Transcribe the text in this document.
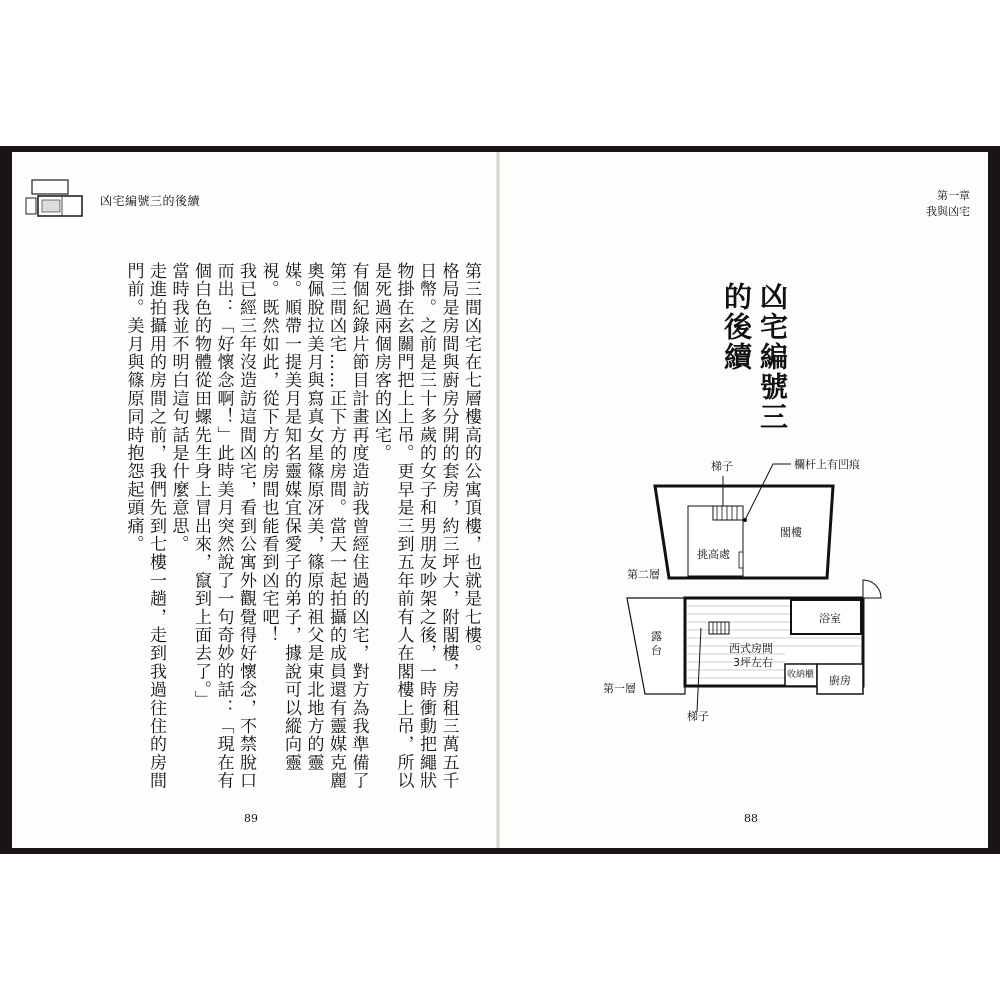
凶宅編號三的後續	第一章
我與凶宅

第三間凶宅在七層樓高的公寓頂樓，也就是七樓。

格局是房間與廚房分開的套房，約三坪大，附閣樓，房租三萬五千日幣。之前是三十多歲的女子和男朋友吵架之後，一時衝動把繩狀物掛在玄關門把上上吊。更早是三到五年前有人在閣樓上吊，所以是死過兩個房客的凶宅。

有個紀錄片節目計畫再度造訪我曾經住過的凶宅，對方為我準備了第三間凶宅……正下方的房間。當天一起拍攝的成員還有靈媒克麗奧佩脫拉美月與寫真女星篠原冴美，篠原的祖父是東北地方的靈媒。順帶一提美月是知名靈媒宜保愛子的弟子，據說可以縱向靈視。既然如此，從下方的房間也能看到凶宅吧！

我已經三年沒造訪這間凶宅，看到公寓外觀覺得好懷念，不禁脫口而出：「好懷念啊！」此時美月突然說了一句奇妙的話：「現在有個白色的物體從田螺先生身上冒出來，竄到上面去了。」

當時我並不明白這句話是什麼意思。

走進拍攝用的房間之前，我們先到七樓一趟，走到我過往住的房間門前。美月與篠原同時抱怨起頭痛。

89	88
凶宅編號三
的後續
梯子	欄杆上有凹痕
閣樓
挑高處
第二層
露
台
浴室
收納櫃 廚房
西式房間
3坪左右
第一層
梯子
